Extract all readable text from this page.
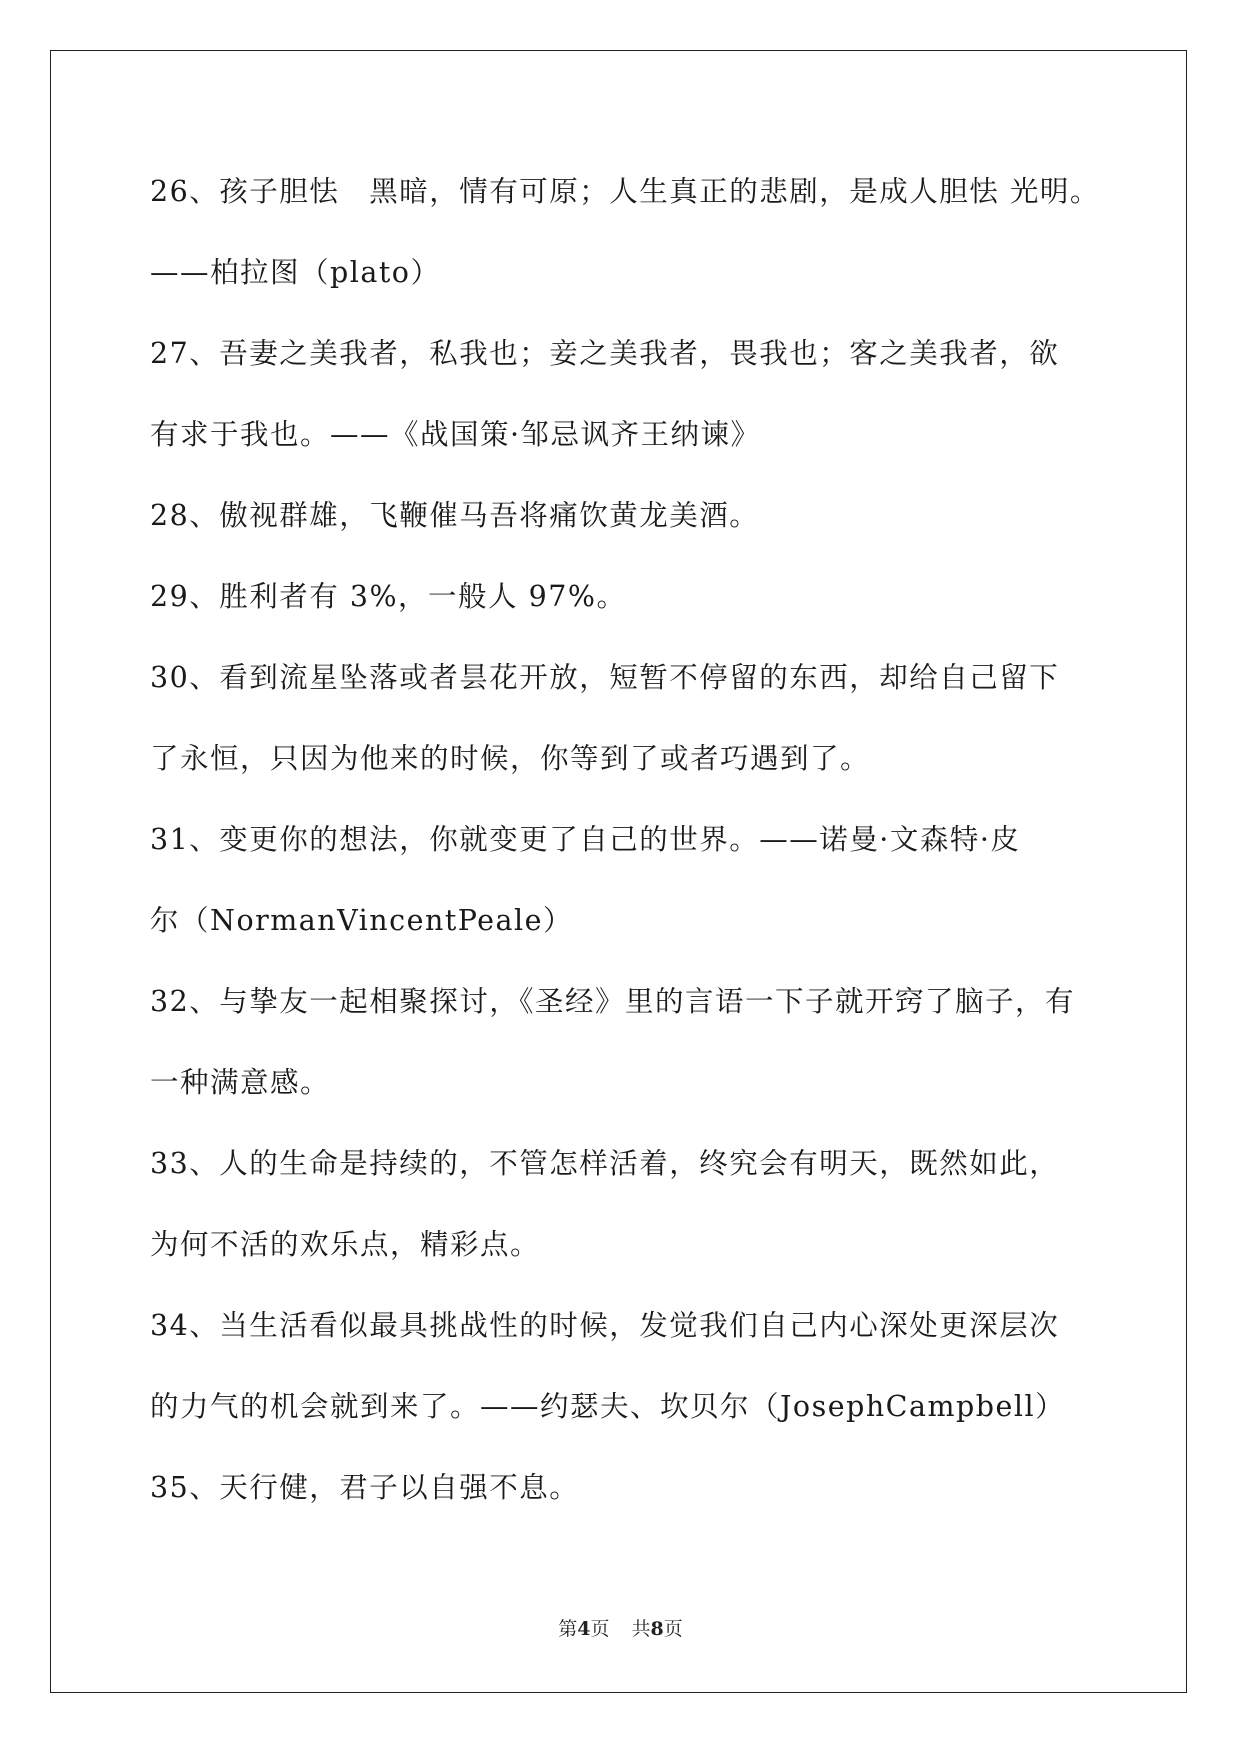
26、孩子胆怯　黑暗，情有可原；人生真正的悲剧，是成人胆怯 光明。
——柏拉图（plato）
27、吾妻之美我者，私我也；妾之美我者，畏我也；客之美我者，欲
有求于我也。——《战国策·邹忌讽齐王纳谏》
28、傲视群雄，飞鞭催马吾将痛饮黄龙美酒。
29、胜利者有 3%，一般人 97%。
30、看到流星坠落或者昙花开放，短暂不停留的东西，却给自己留下
了永恒，只因为他来的时候，你等到了或者巧遇到了。
31、变更你的想法，你就变更了自己的世界。——诺曼·文森特·皮
尔（NormanVincentPeale）
32、与挚友一起相聚探讨，《圣经》里的言语一下子就开窍了脑子，有
一种满意感。
33、人的生命是持续的，不管怎样活着，终究会有明天，既然如此，
为何不活的欢乐点，精彩点。
34、当生活看似最具挑战性的时候，发觉我们自己内心深处更深层次
的力气的机会就到来了。——约瑟夫、坎贝尔（JosephCampbell）
35、天行健，君子以自强不息。
第4页 共8页
